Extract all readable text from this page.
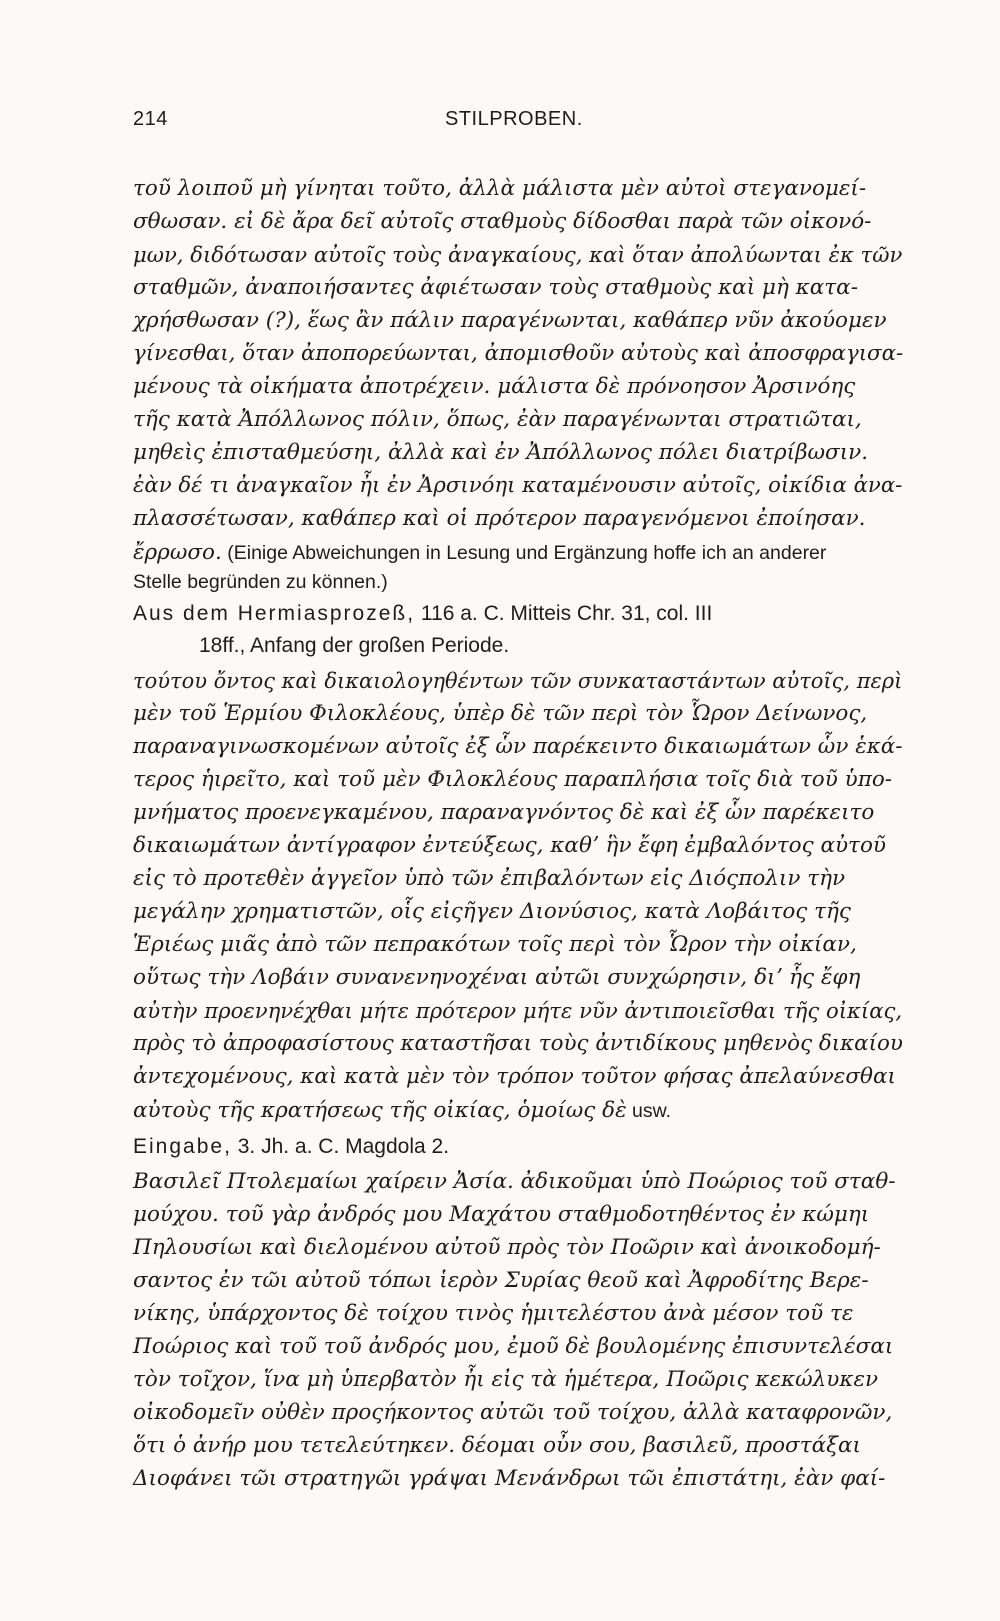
214	STILPROBEN.
τοῦ λοιποῦ μὴ γίνηται τοῦτο, ἀλλὰ μάλιστα μὲν αὐτοὶ στεγανομεί-
σθωσαν. εἰ δὲ ἄρα δεῖ αὐτοῖς σταθμοὺς δίδοσθαι παρὰ τῶν οἰκονό-
μων, διδότωσαν αὐτοῖς τοὺς ἀναγκαίους, καὶ ὅταν ἀπολύωνται ἐκ τῶν
σταθμῶν, ἀναποιήσαντες ἀφιέτωσαν τοὺς σταθμοὺς καὶ μὴ κατα-
χρήσθωσαν (?), ἕως ἂν πάλιν παραγένωνται, καθάπερ νῦν ἀκούομεν
γίνεσθαι, ὅταν ἀποπορεύωνται, ἀπομισθοῦν αὐτοὺς καὶ ἀποσφραγισα-
μένους τὰ οἰκήματα ἀποτρέχειν. μάλιστα δὲ πρόνοησον Ἀρσινόης
τῆς κατὰ Ἀπόλλωνος πόλιν, ὅπως, ἐὰν παραγένωνται στρατιῶται,
μηθεὶς ἐπισταθμεύσηι, ἀλλὰ καὶ ἐν Ἀπόλλωνος πόλει διατρίβωσιν.
ἐὰν δέ τι ἀναγκαῖον ἦι ἐν Ἀρσινόηι καταμένουσιν αὐτοῖς, οἰκίδια ἀνα-
πλασσέτωσαν, καθάπερ καὶ οἱ πρότερον παραγενόμενοι ἐποίησαν.
ἔρρωσο. (Einige Abweichungen in Lesung und Ergänzung hoffe ich an anderer
Stelle begründen zu können.)
Aus dem Hermiasprozeß, 116 a. C. Mitteis Chr. 31, col. III
18ff., Anfang der großen Periode.
τούτου ὄντος καὶ δικαιολογηθέντων τῶν συνκαταστάντων αὐτοῖς, περὶ
μὲν τοῦ Ἑρμίου Φιλοκλέους, ὑπὲρ δὲ τῶν περὶ τὸν Ὧρον Δείνωνος,
παραναγινωσκομένων αὐτοῖς ἐξ ὧν παρέκειντο δικαιωμάτων ὧν ἑκά-
τερος ἡιρεῖτο, καὶ τοῦ μὲν Φιλοκλέους παραπλήσια τοῖς διὰ τοῦ ὑπο-
μνήματος προενεγκαμένου, παραναγνόντος δὲ καὶ ἐξ ὧν παρέκειτο
δικαιωμάτων ἀντίγραφον ἐντεύξεως, καθʼ ἣν ἔφη ἐμβαλόντος αὐτοῦ
εἰς τὸ προτεθὲν ἀγγεῖον ὑπὸ τῶν ἐπιβαλόντων εἰς Διόςπολιν τὴν
μεγάλην χρηματιστῶν, οἷς εἰςῆγεν Διονύσιος, κατὰ Λοβάιτος τῆς
Ἑριέως μιᾶς ἀπὸ τῶν πεπρακότων τοῖς περὶ τὸν Ὧρον τὴν οἰκίαν,
οὕτως τὴν Λοβάιν συνανενηνοχέναι αὐτῶι συνχώρησιν, διʼ ἧς ἔφη
αὐτὴν προενηνέχθαι μήτε πρότερον μήτε νῦν ἀντιποιεῖσθαι τῆς οἰκίας,
πρὸς τὸ ἀπροφασίστους καταστῆσαι τοὺς ἀντιδίκους μηθενὸς δικαίου
ἀντεχομένους, καὶ κατὰ μὲν τὸν τρόπον τοῦτον φήσας ἀπελαύνεσθαι
αὐτοὺς τῆς κρατήσεως τῆς οἰκίας, ὁμοίως δὲ usw.
Eingabe, 3. Jh. a. C. Magdola 2.
Βασιλεῖ Πτολεμαίωι χαίρειν Ἀσία. ἀδικοῦμαι ὑπὸ Ποώριος τοῦ σταθ-
μούχου. τοῦ γὰρ ἀνδρός μου Μαχάτου σταθμοδοτηθέντος ἐν κώμηι
Πηλουσίωι καὶ διελομένου αὐτοῦ πρὸς τὸν Ποῶριν καὶ ἀνοικοδομή-
σαντος ἐν τῶι αὐτοῦ τόπωι ἱερὸν Συρίας θεοῦ καὶ Ἀφροδίτης Βερε-
νίκης, ὑπάρχοντος δὲ τοίχου τινὸς ἡμιτελέστου ἀνὰ μέσον τοῦ τε
Ποώριος καὶ τοῦ τοῦ ἀνδρός μου, ἐμοῦ δὲ βουλομένης ἐπισυντελέσαι
τὸν τοῖχον, ἵνα μὴ ὑπερβατὸν ἦι εἰς τὰ ἡμέτερα, Ποῶρις κεκώλυκεν
οἰκοδομεῖν οὐθὲν προςήκοντος αὐτῶι τοῦ τοίχου, ἀλλὰ καταφρονῶν,
ὅτι ὁ ἀνήρ μου τετελεύτηκεν. δέομαι οὖν σου, βασιλεῦ, προστάξαι
Διοφάνει τῶι στρατηγῶι γράψαι Μενάνδρωι τῶι ἐπιστάτηι, ἐὰν φαί-
